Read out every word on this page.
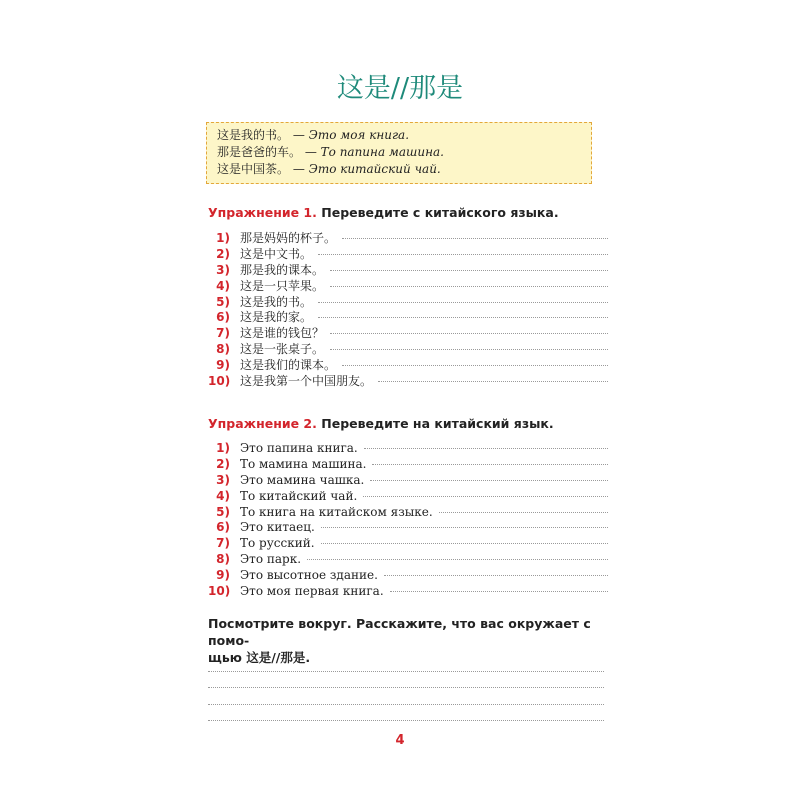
这是//那是
这是我的书。 — Это моя книга.
那是爸爸的车。 — То папина машина.
这是中国茶。 — Это китайский чай.
Упражнение 1. Переведите с китайского языка.
1) 那是妈妈的杯子。
2) 这是中文书。
3) 那是我的课本。
4) 这是一只苹果。
5) 这是我的书。
6) 这是我的家。
7) 这是谁的钱包？
8) 这是一张桌子。
9) 这是我们的课本。
10) 这是我第一个中国朋友。
Упражнение 2. Переведите на китайский язык.
1) Это папина книга.
2) То мамина машина.
3) Это мамина чашка.
4) То китайский чай.
5) То книга на китайском языке.
6) Это китаец.
7) То русский.
8) Это парк.
9) Это высотное здание.
10) Это моя первая книга.
Посмотрите вокруг. Расскажите, что вас окружает с помо-
щью 这是//那是.
4
